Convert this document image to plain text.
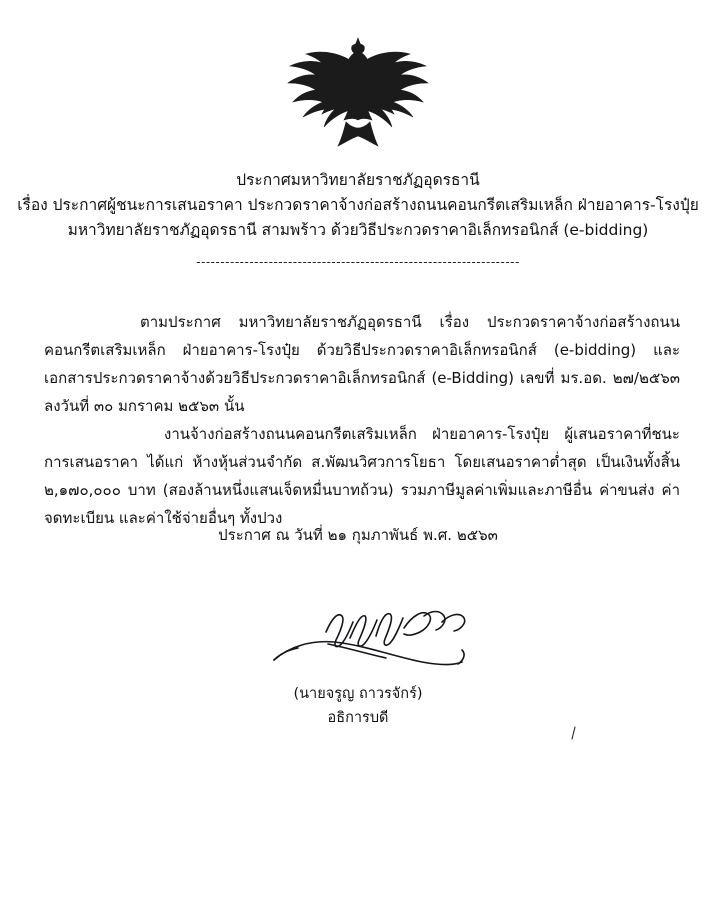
ประกาศมหาวิทยาลัยราชภัฏอุดรธานี
เรื่อง ประกาศผู้ชนะการเสนอราคา ประกวดราคาจ้างก่อสร้างถนนคอนกรีตเสริมเหล็ก ฝ่ายอาคาร-โรงปุ๋ย
มหาวิทยาลัยราชภัฏอุดรธานี สามพร้าว ด้วยวิธีประกวดราคาอิเล็กทรอนิกส์ (e-bidding)
-------------------------------------------------------------------

ตามประกาศ มหาวิทยาลัยราชภัฏอุดรธานี เรื่อง ประกวดราคาจ้างก่อสร้างถนนคอนกรีตเสริมเหล็ก ฝ่ายอาคาร-โรงปุ๋ย ด้วยวิธีประกวดราคาอิเล็กทรอนิกส์ (e-bidding) และเอกสารประกวดราคาจ้างด้วยวิธีประกวดราคาอิเล็กทรอนิกส์ (e-Bidding) เลขที่ มร.อด. ๒๗/๒๕๖๓ ลงวันที่ ๓๐ มกราคม ๒๕๖๓ นั้น

งานจ้างก่อสร้างถนนคอนกรีตเสริมเหล็ก ฝ่ายอาคาร-โรงปุ๋ย ผู้เสนอราคาที่ชนะการเสนอราคา ได้แก่ ห้างหุ้นส่วนจำกัด ส.พัฒนวิศวการโยธา โดยเสนอราคาต่ำสุด เป็นเงินทั้งสิ้น ๒,๑๗๐,๐๐๐ บาท (สองล้านหนึ่งแสนเจ็ดหมื่นบาทถ้วน) รวมภาษีมูลค่าเพิ่มและภาษีอื่น ค่าขนส่ง ค่าจดทะเบียน และค่าใช้จ่ายอื่นๆ ทั้งปวง

ประกาศ ณ วันที่ ๒๑ กุมภาพันธ์ พ.ศ. ๒๕๖๓
(นายจรูญ ถาวรจักร์)
อธิการบดี
